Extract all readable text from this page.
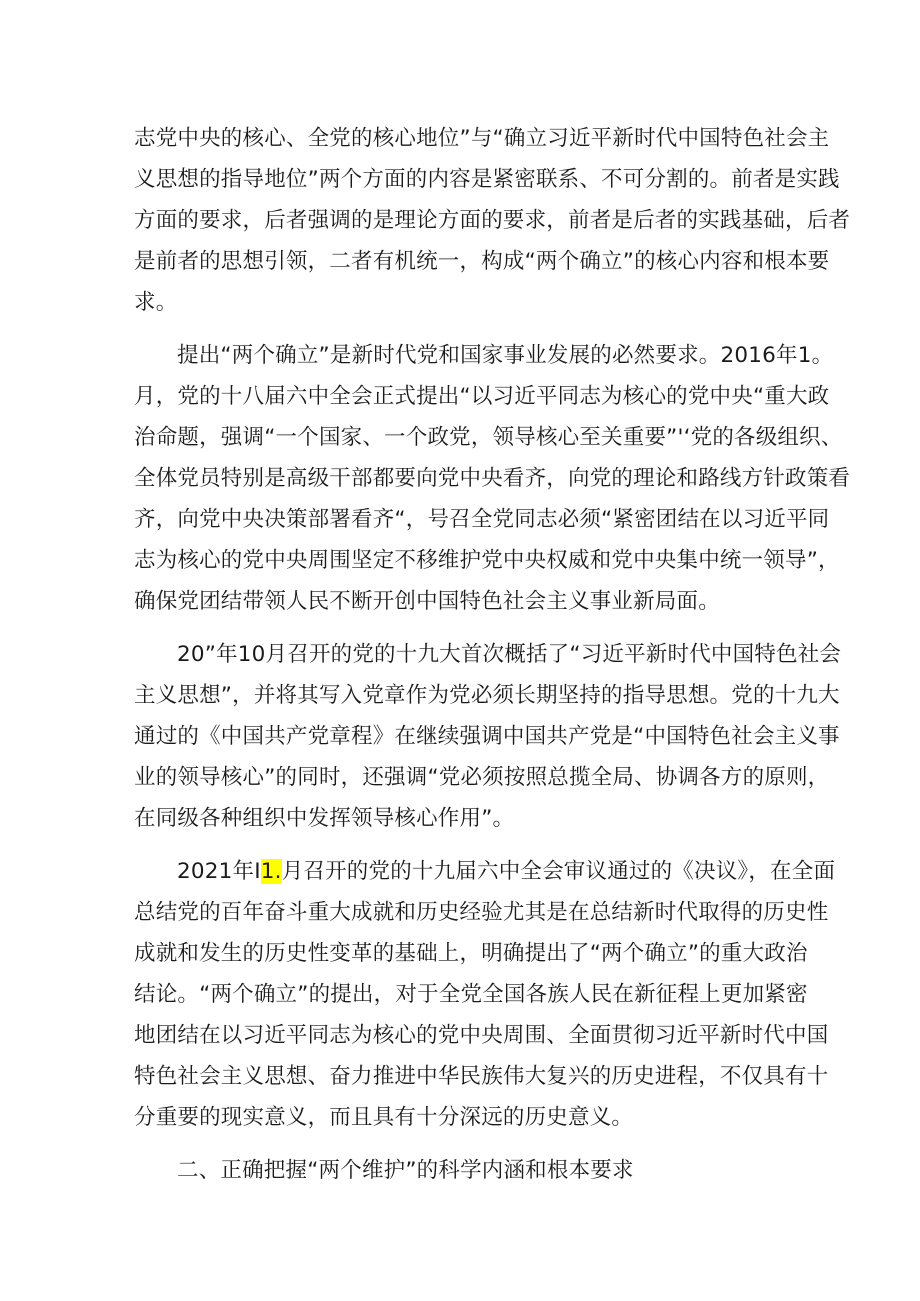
志党中央的核心、全党的核心地位”与“确立习近平新时代中国特色社会主
义思想的指导地位”两个方面的内容是紧密联系、不可分割的。前者是实践
方面的要求，后者强调的是理论方面的要求，前者是后者的实践基础，后者
是前者的思想引领，二者有机统一，构成“两个确立”的核心内容和根本要
求。
提出“两个确立”是新时代党和国家事业发展的必然要求。2016年1。
月，党的十八届六中全会正式提出“以习近平同志为核心的党中央“重大政
治命题，强调“一个国家、一个政党，领导核心至关重要”'‘党的各级组织、
全体党员特别是高级干部都要向党中央看齐，向党的理论和路线方针政策看
齐，向党中央决策部署看齐“，号召全党同志必须“紧密团结在以习近平同
志为核心的党中央周围坚定不移维护党中央权威和党中央集中统一领导”，
确保党团结带领人民不断开创中国特色社会主义事业新局面。
20”年10月召开的党的十九大首次概括了“习近平新时代中国特色社会
主义思想”，并将其写入党章作为党必须长期坚持的指导思想。党的十九大
通过的《中国共产党章程》在继续强调中国共产党是“中国特色社会主义事
业的领导核心”的同时，还强调“党必须按照总揽全局、协调各方的原则，
在同级各种组织中发挥领导核心作用”。
2021年I1.月召开的党的十九届六中全会审议通过的《决议》，在全面
总结党的百年奋斗重大成就和历史经验尤其是在总结新时代取得的历史性
成就和发生的历史性变革的基础上，明确提出了“两个确立”的重大政治
结论。“两个确立”的提出，对于全党全国各族人民在新征程上更加紧密
地团结在以习近平同志为核心的党中央周围、全面贯彻习近平新时代中国
特色社会主义思想、奋力推进中华民族伟大复兴的历史进程，不仅具有十
分重要的现实意义，而且具有十分深远的历史意义。
二、正确把握“两个维护”的科学内涵和根本要求
